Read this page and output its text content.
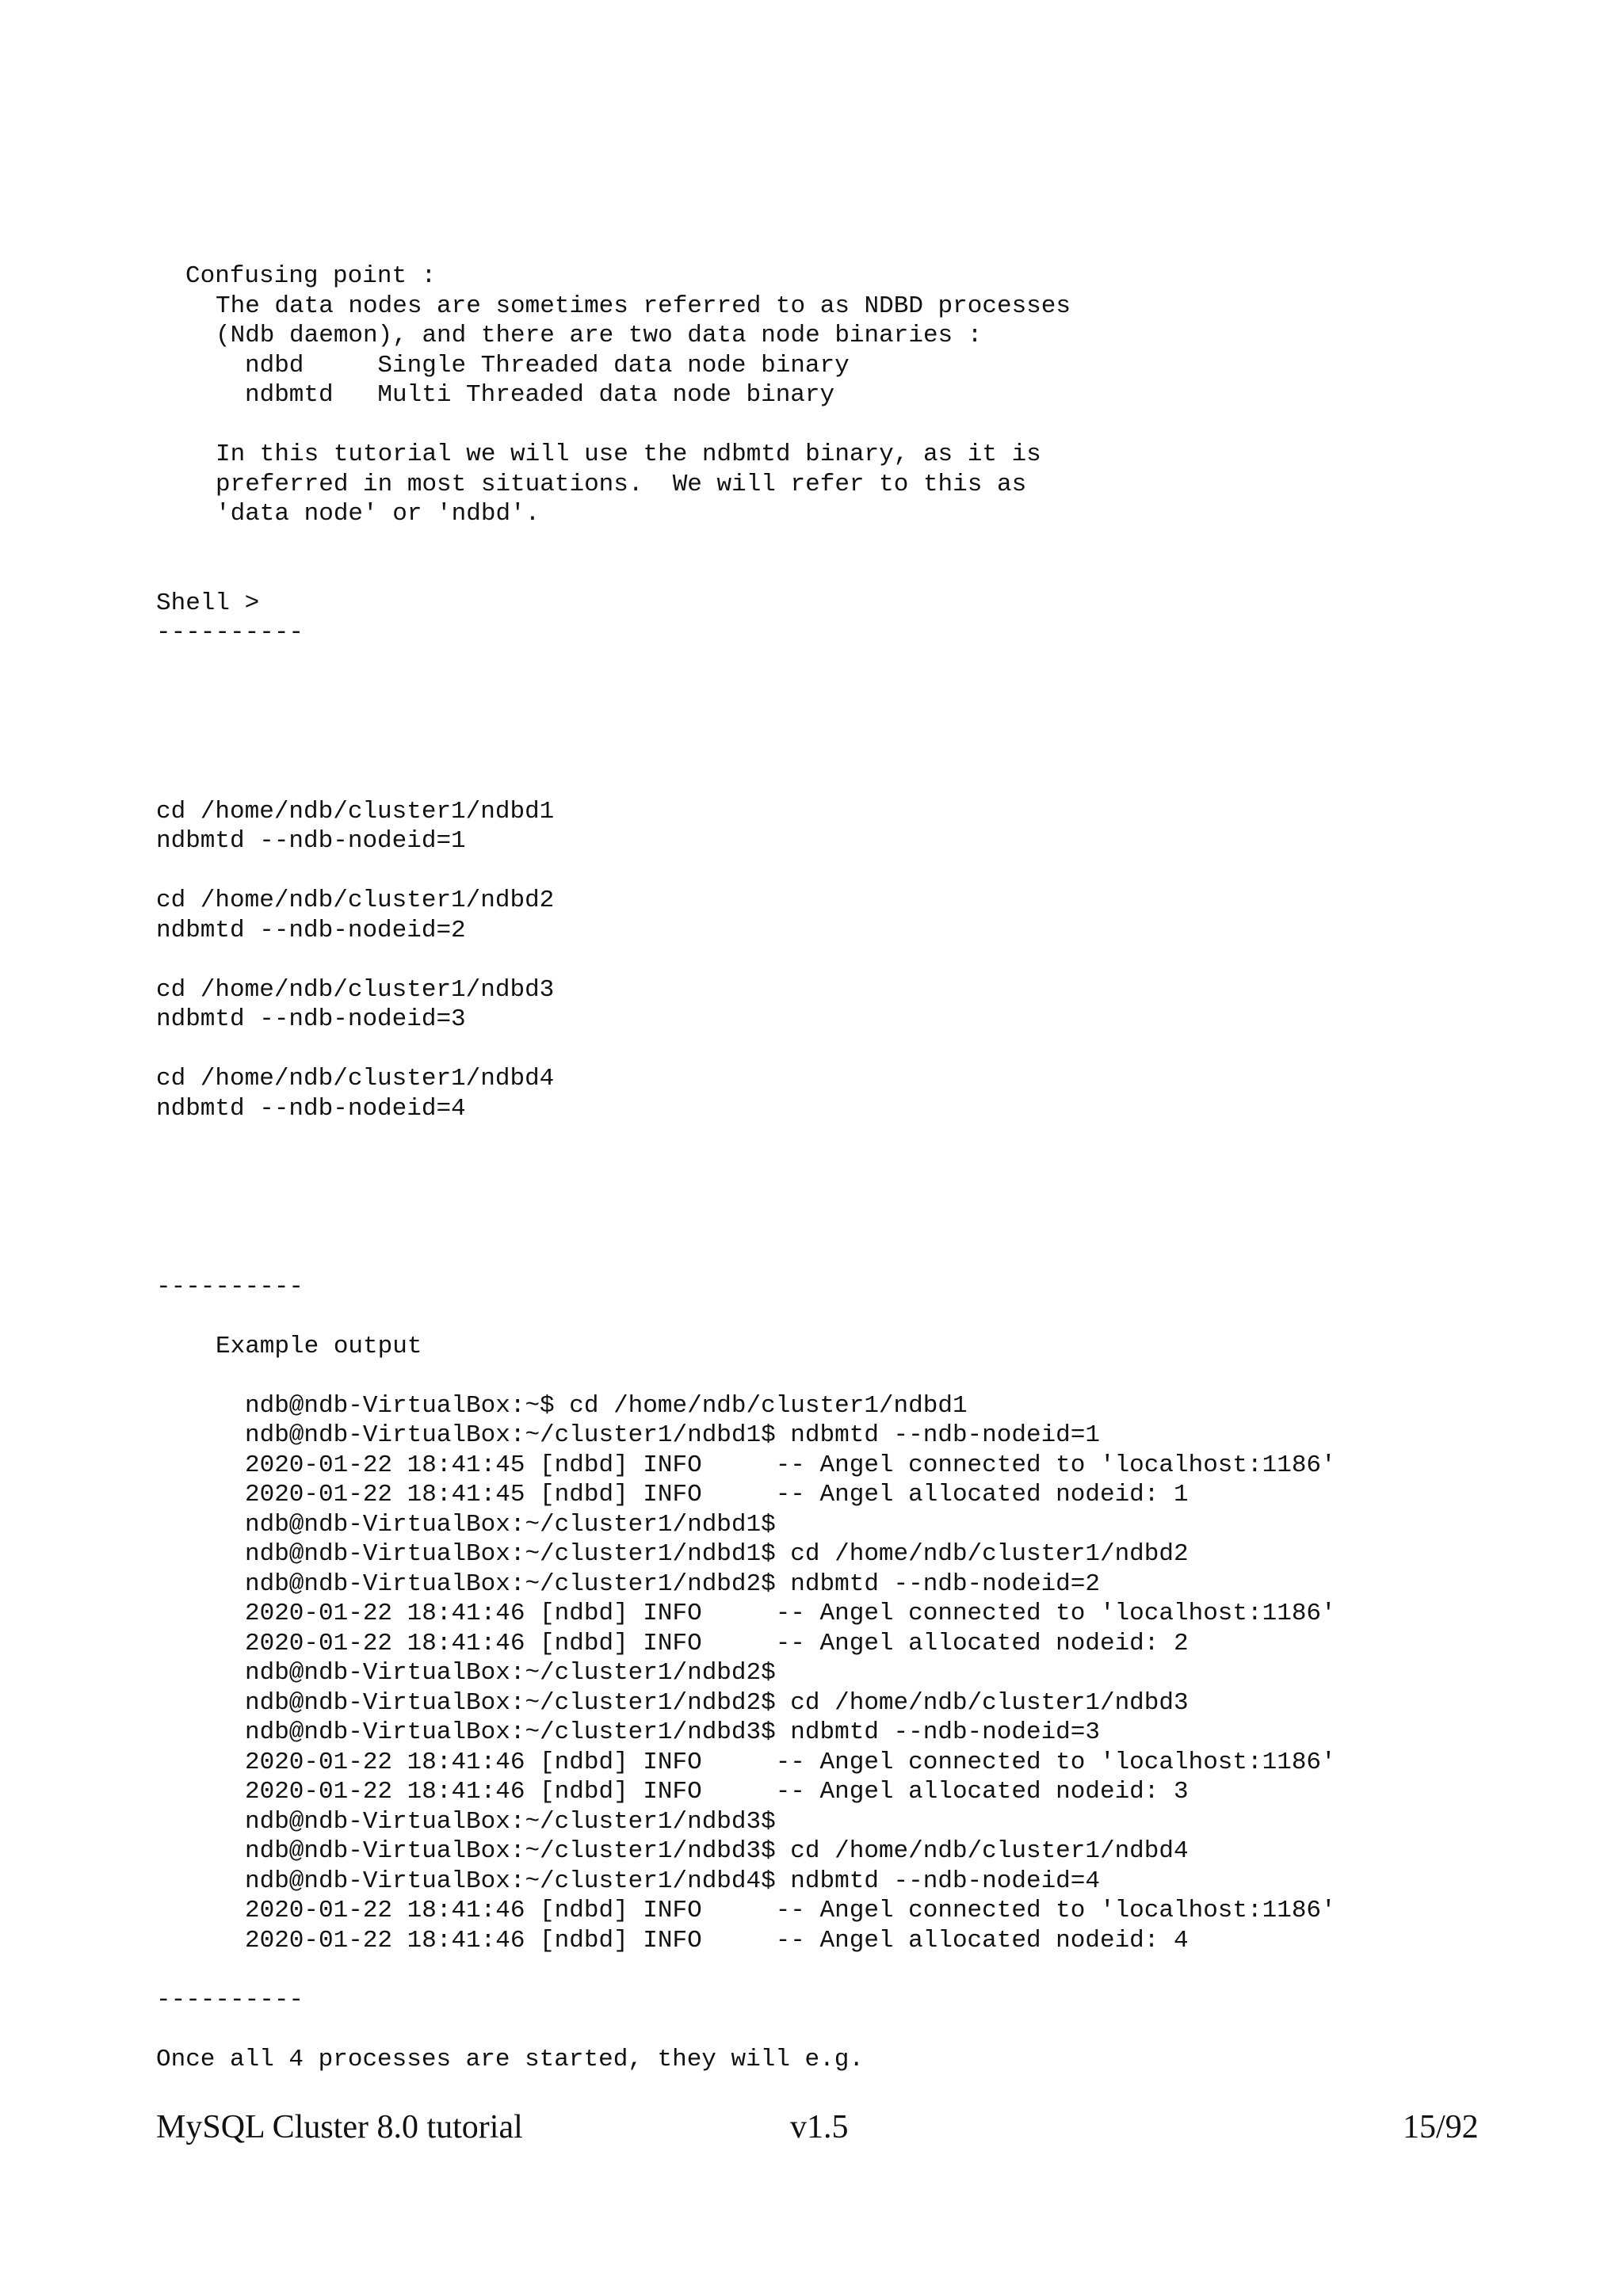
Confusing point :
The data nodes are sometimes referred to as NDBD processes
(Ndb daemon), and there are two data node binaries :
ndbd     Single Threaded data node binary
ndbmtd   Multi Threaded data node binary
In this tutorial we will use the ndbmtd binary, as it is
preferred in most situations.  We will refer to this as
'data node' or 'ndbd'.
Shell >
----------
cd /home/ndb/cluster1/ndbd1
ndbmtd --ndb-nodeid=1
cd /home/ndb/cluster1/ndbd2
ndbmtd --ndb-nodeid=2
cd /home/ndb/cluster1/ndbd3
ndbmtd --ndb-nodeid=3
cd /home/ndb/cluster1/ndbd4
ndbmtd --ndb-nodeid=4
----------
Example output
ndb@ndb-VirtualBox:~$ cd /home/ndb/cluster1/ndbd1
ndb@ndb-VirtualBox:~/cluster1/ndbd1$ ndbmtd --ndb-nodeid=1
2020-01-22 18:41:45 [ndbd] INFO     -- Angel connected to 'localhost:1186'
2020-01-22 18:41:45 [ndbd] INFO     -- Angel allocated nodeid: 1
ndb@ndb-VirtualBox:~/cluster1/ndbd1$
ndb@ndb-VirtualBox:~/cluster1/ndbd1$ cd /home/ndb/cluster1/ndbd2
ndb@ndb-VirtualBox:~/cluster1/ndbd2$ ndbmtd --ndb-nodeid=2
2020-01-22 18:41:46 [ndbd] INFO     -- Angel connected to 'localhost:1186'
2020-01-22 18:41:46 [ndbd] INFO     -- Angel allocated nodeid: 2
ndb@ndb-VirtualBox:~/cluster1/ndbd2$
ndb@ndb-VirtualBox:~/cluster1/ndbd2$ cd /home/ndb/cluster1/ndbd3
ndb@ndb-VirtualBox:~/cluster1/ndbd3$ ndbmtd --ndb-nodeid=3
2020-01-22 18:41:46 [ndbd] INFO     -- Angel connected to 'localhost:1186'
2020-01-22 18:41:46 [ndbd] INFO     -- Angel allocated nodeid: 3
ndb@ndb-VirtualBox:~/cluster1/ndbd3$
ndb@ndb-VirtualBox:~/cluster1/ndbd3$ cd /home/ndb/cluster1/ndbd4
ndb@ndb-VirtualBox:~/cluster1/ndbd4$ ndbmtd --ndb-nodeid=4
2020-01-22 18:41:46 [ndbd] INFO     -- Angel connected to 'localhost:1186'
2020-01-22 18:41:46 [ndbd] INFO     -- Angel allocated nodeid: 4
----------
Once all 4 processes are started, they will e.g.
MySQL Cluster 8.0 tutorial	v1.5	15/92
